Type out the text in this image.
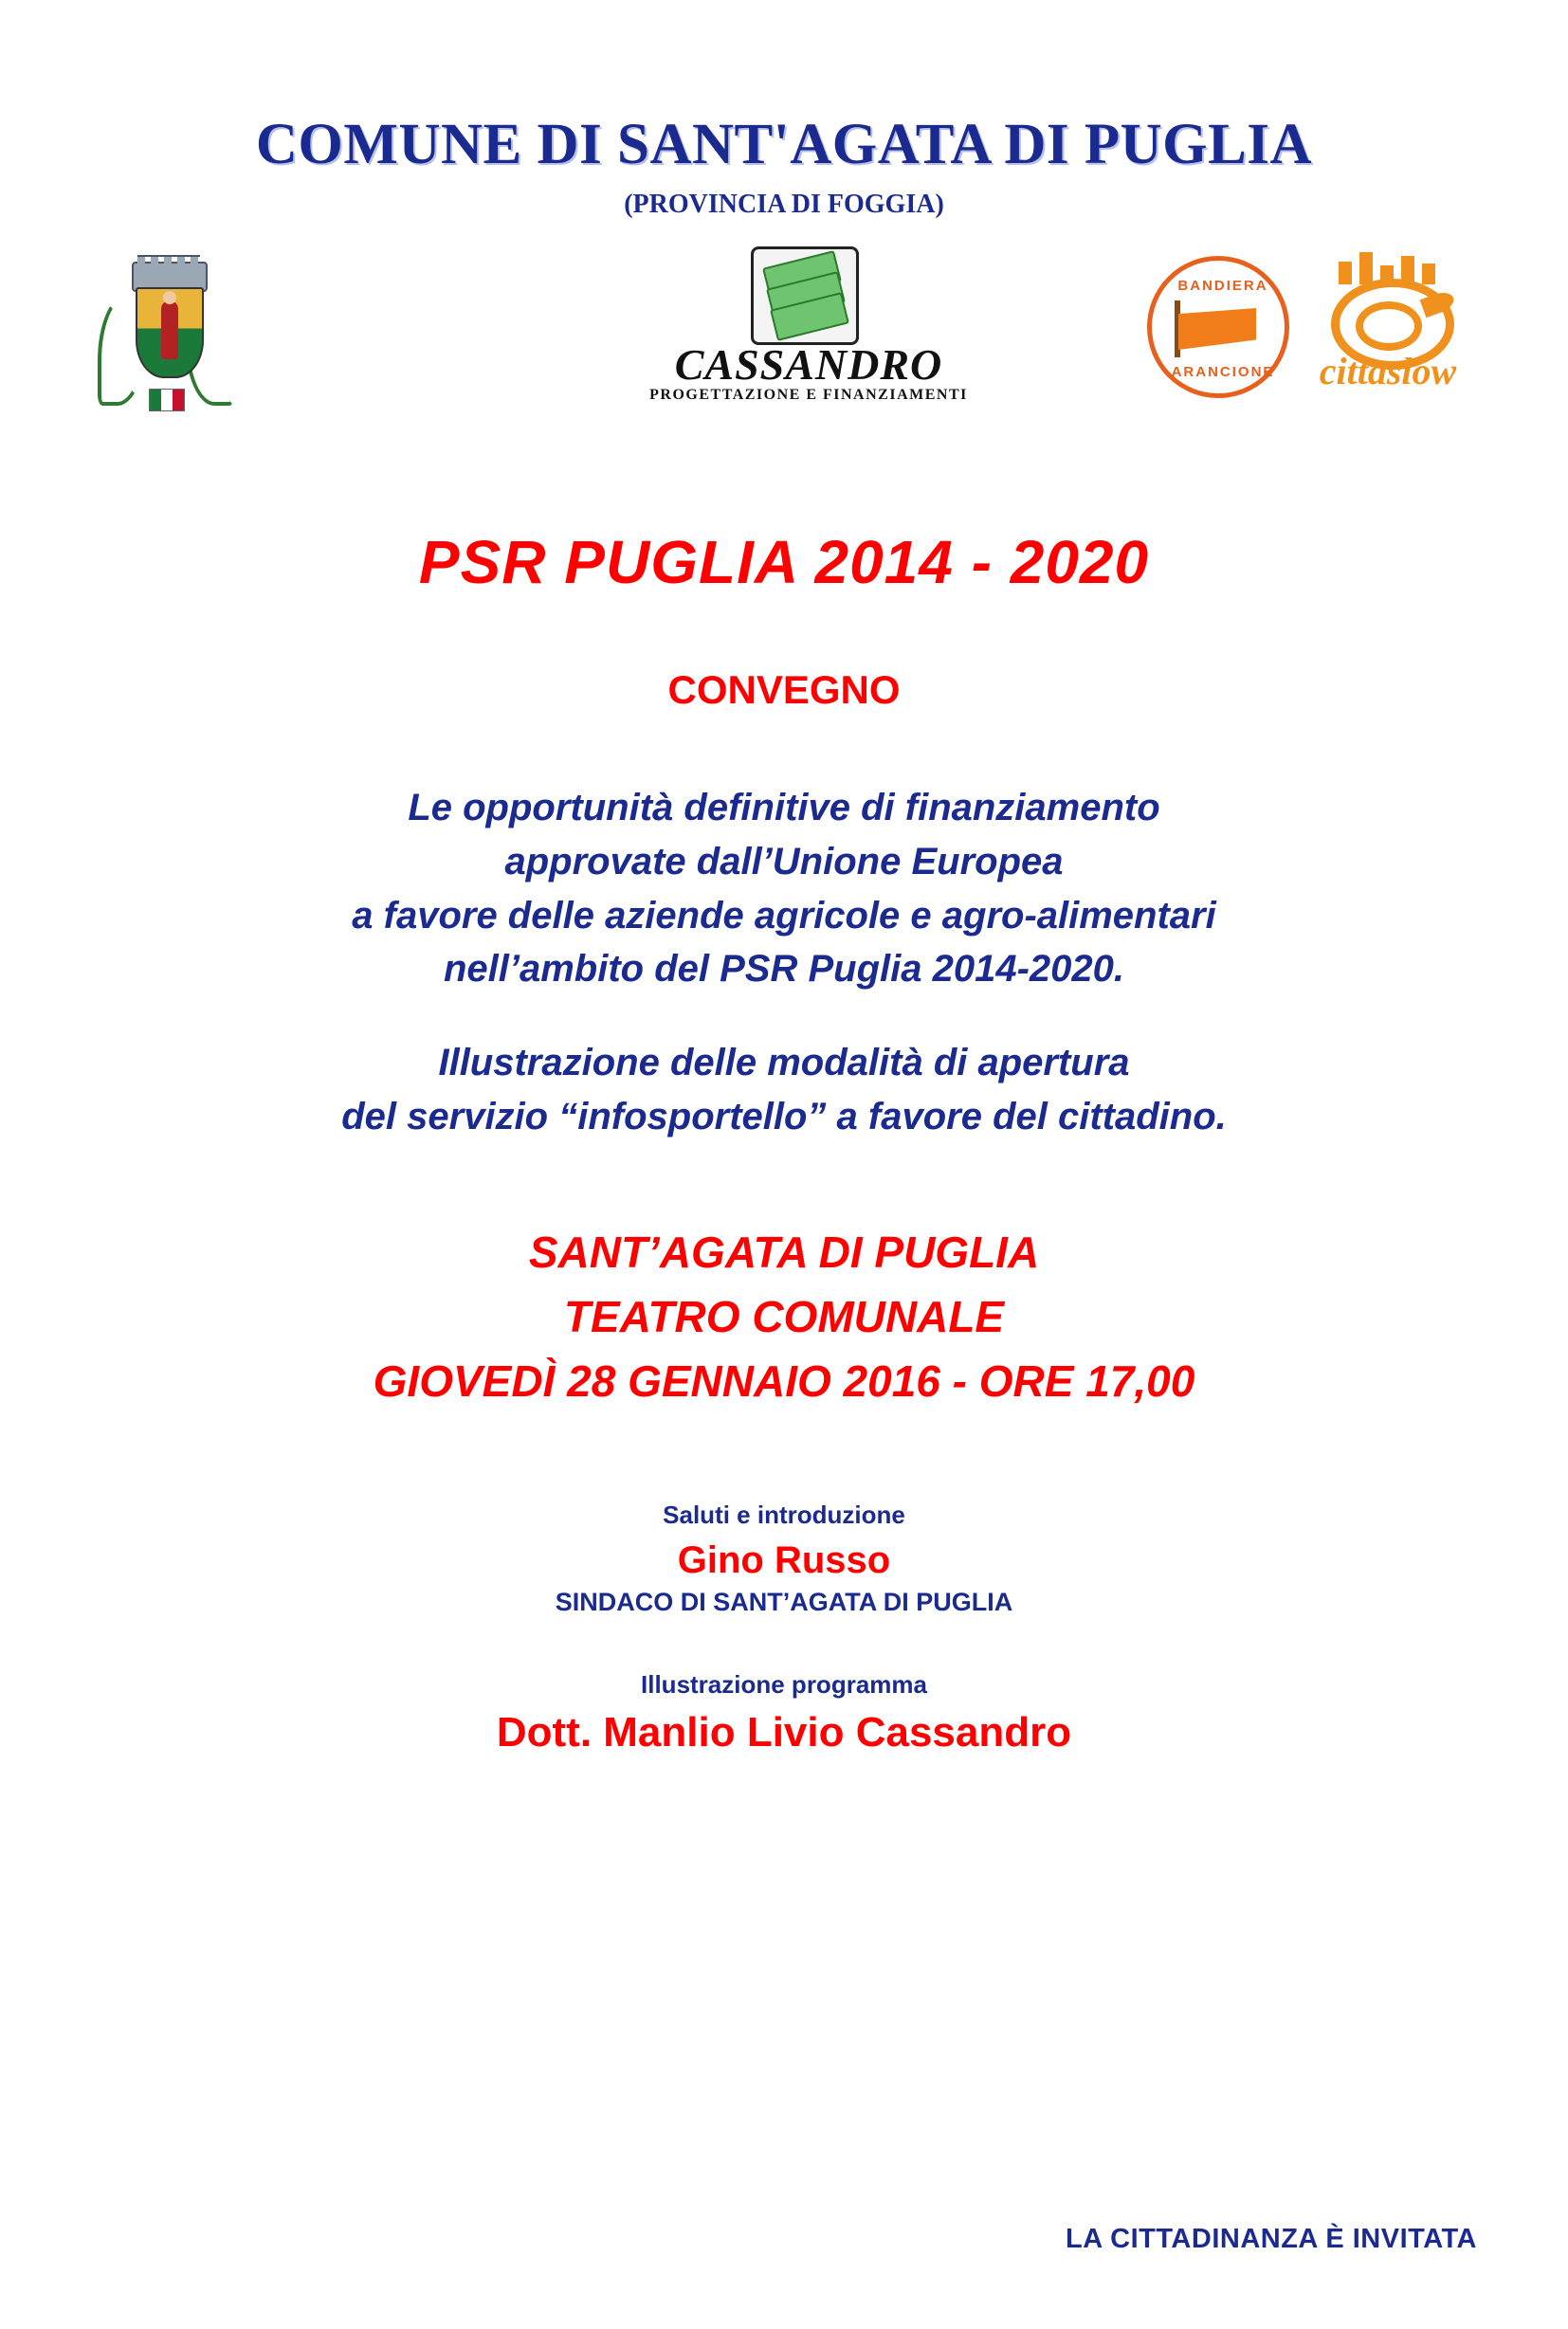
COMUNE DI SANT'AGATA DI PUGLIA
(PROVINCIA DI FOGGIA)
CASSANDRO
PROGETTAZIONE E FINANZIAMENTI
BANDIERA
ARANCIONE	cittaslow
PSR PUGLIA 2014 - 2020
CONVEGNO
Le opportunità definitive di finanziamento
approvate dall’Unione Europea
a favore delle aziende agricole e agro-alimentari
nell’ambito del PSR Puglia 2014-2020.
Illustrazione delle modalità di apertura
del servizio “infosportello” a favore del cittadino.
SANT’AGATA DI PUGLIA
TEATRO COMUNALE
GIOVEDÌ 28 GENNAIO 2016 - ORE 17,00
Saluti e introduzione
Gino Russo
SINDACO DI SANT’AGATA DI PUGLIA
Illustrazione programma
Dott. Manlio Livio Cassandro
LA CITTADINANZA È INVITATA
